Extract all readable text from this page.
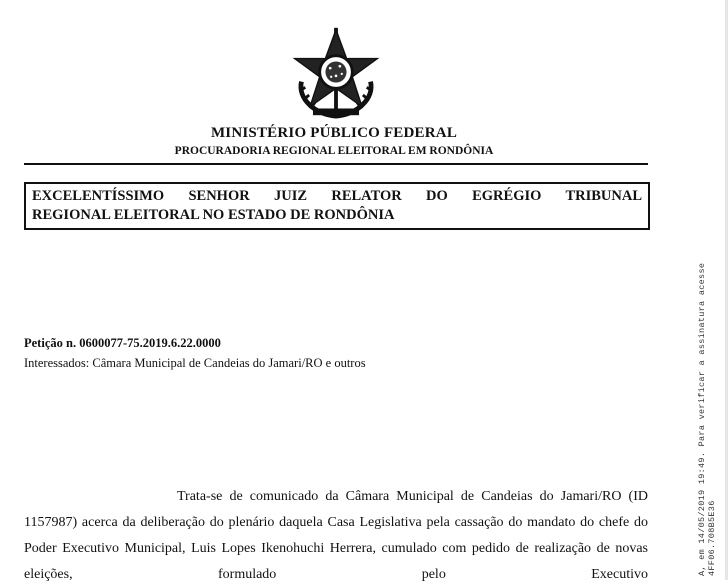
MINISTÉRIO PÚBLICO FEDERAL
PROCURADORIA REGIONAL ELEITORAL EM RONDÔNIA
EXCELENTÍSSIMO SENHOR JUIZ RELATOR DO EGRÉGIO TRIBUNAL
REGIONAL ELEITORAL NO ESTADO DE RONDÔNIA
Petição n. 0600077-75.2019.6.22.0000
Interessados: Câmara Municipal de Candeias do Jamari/RO e outros
Trata-se de comunicado da Câmara Municipal de Candeias do Jamari/RO (ID 1157987) acerca da deliberação do plenário daquela Casa Legislativa pela cassação do mandato do chefe do Poder Executivo Municipal, Luis Lopes Ikenohuchi Herrera, cumulado com pedido de realização de novas eleições, formulado pelo Executivo	A, em 14/05/2019 19:49. Para verificar a assinatura acesse 4FF06.708B5E36
